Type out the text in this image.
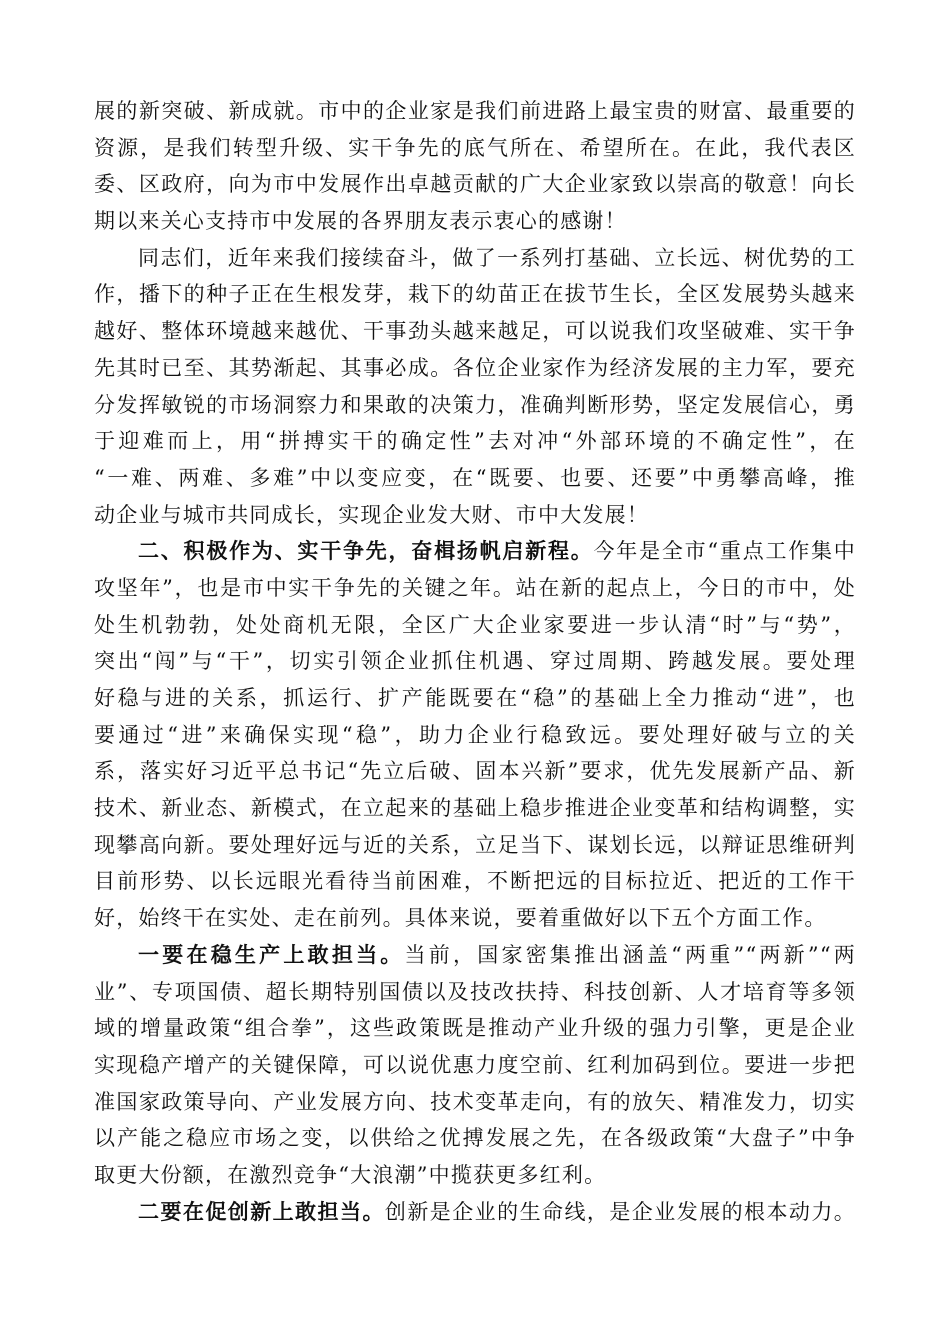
展的新突破、新成就。市中的企业家是我们前进路上最宝贵的财富、最重要的
资源，是我们转型升级、实干争先的底气所在、希望所在。在此，我代表区
委、区政府，向为市中发展作出卓越贡献的广大企业家致以崇高的敬意！向长
期以来关心支持市中发展的各界朋友表示衷心的感谢！
同志们，近年来我们接续奋斗，做了一系列打基础、立长远、树优势的工
作，播下的种子正在生根发芽，栽下的幼苗正在拔节生长，全区发展势头越来
越好、整体环境越来越优、干事劲头越来越足，可以说我们攻坚破难、实干争
先其时已至、其势渐起、其事必成。各位企业家作为经济发展的主力军，要充
分发挥敏锐的市场洞察力和果敢的决策力，准确判断形势，坚定发展信心，勇
于迎难而上，用“拼搏实干的确定性”去对冲“外部环境的不确定性”，在
“一难、两难、多难”中以变应变，在“既要、也要、还要”中勇攀高峰，推
动企业与城市共同成长，实现企业发大财、市中大发展！
二、积极作为、实干争先，奋楫扬帆启新程。今年是全市“重点工作集中
攻坚年”，也是市中实干争先的关键之年。站在新的起点上，今日的市中，处
处生机勃勃，处处商机无限，全区广大企业家要进一步认清“时”与“势”，
突出“闯”与“干”，切实引领企业抓住机遇、穿过周期、跨越发展。要处理
好稳与进的关系，抓运行、扩产能既要在“稳”的基础上全力推动“进”，也
要通过“进”来确保实现“稳”，助力企业行稳致远。要处理好破与立的关
系，落实好习近平总书记“先立后破、固本兴新”要求，优先发展新产品、新
技术、新业态、新模式，在立起来的基础上稳步推进企业变革和结构调整，实
现攀高向新。要处理好远与近的关系，立足当下、谋划长远，以辩证思维研判
目前形势、以长远眼光看待当前困难，不断把远的目标拉近、把近的工作干
好，始终干在实处、走在前列。具体来说，要着重做好以下五个方面工作。
一要在稳生产上敢担当。当前，国家密集推出涵盖“两重”“两新”“两
业”、专项国债、超长期特别国债以及技改扶持、科技创新、人才培育等多领
域的增量政策“组合拳”，这些政策既是推动产业升级的强力引擎，更是企业
实现稳产增产的关键保障，可以说优惠力度空前、红利加码到位。要进一步把
准国家政策导向、产业发展方向、技术变革走向，有的放矢、精准发力，切实
以产能之稳应市场之变，以供给之优搏发展之先，在各级政策“大盘子”中争
取更大份额，在激烈竞争“大浪潮”中揽获更多红利。
二要在促创新上敢担当。创新是企业的生命线，是企业发展的根本动力。
